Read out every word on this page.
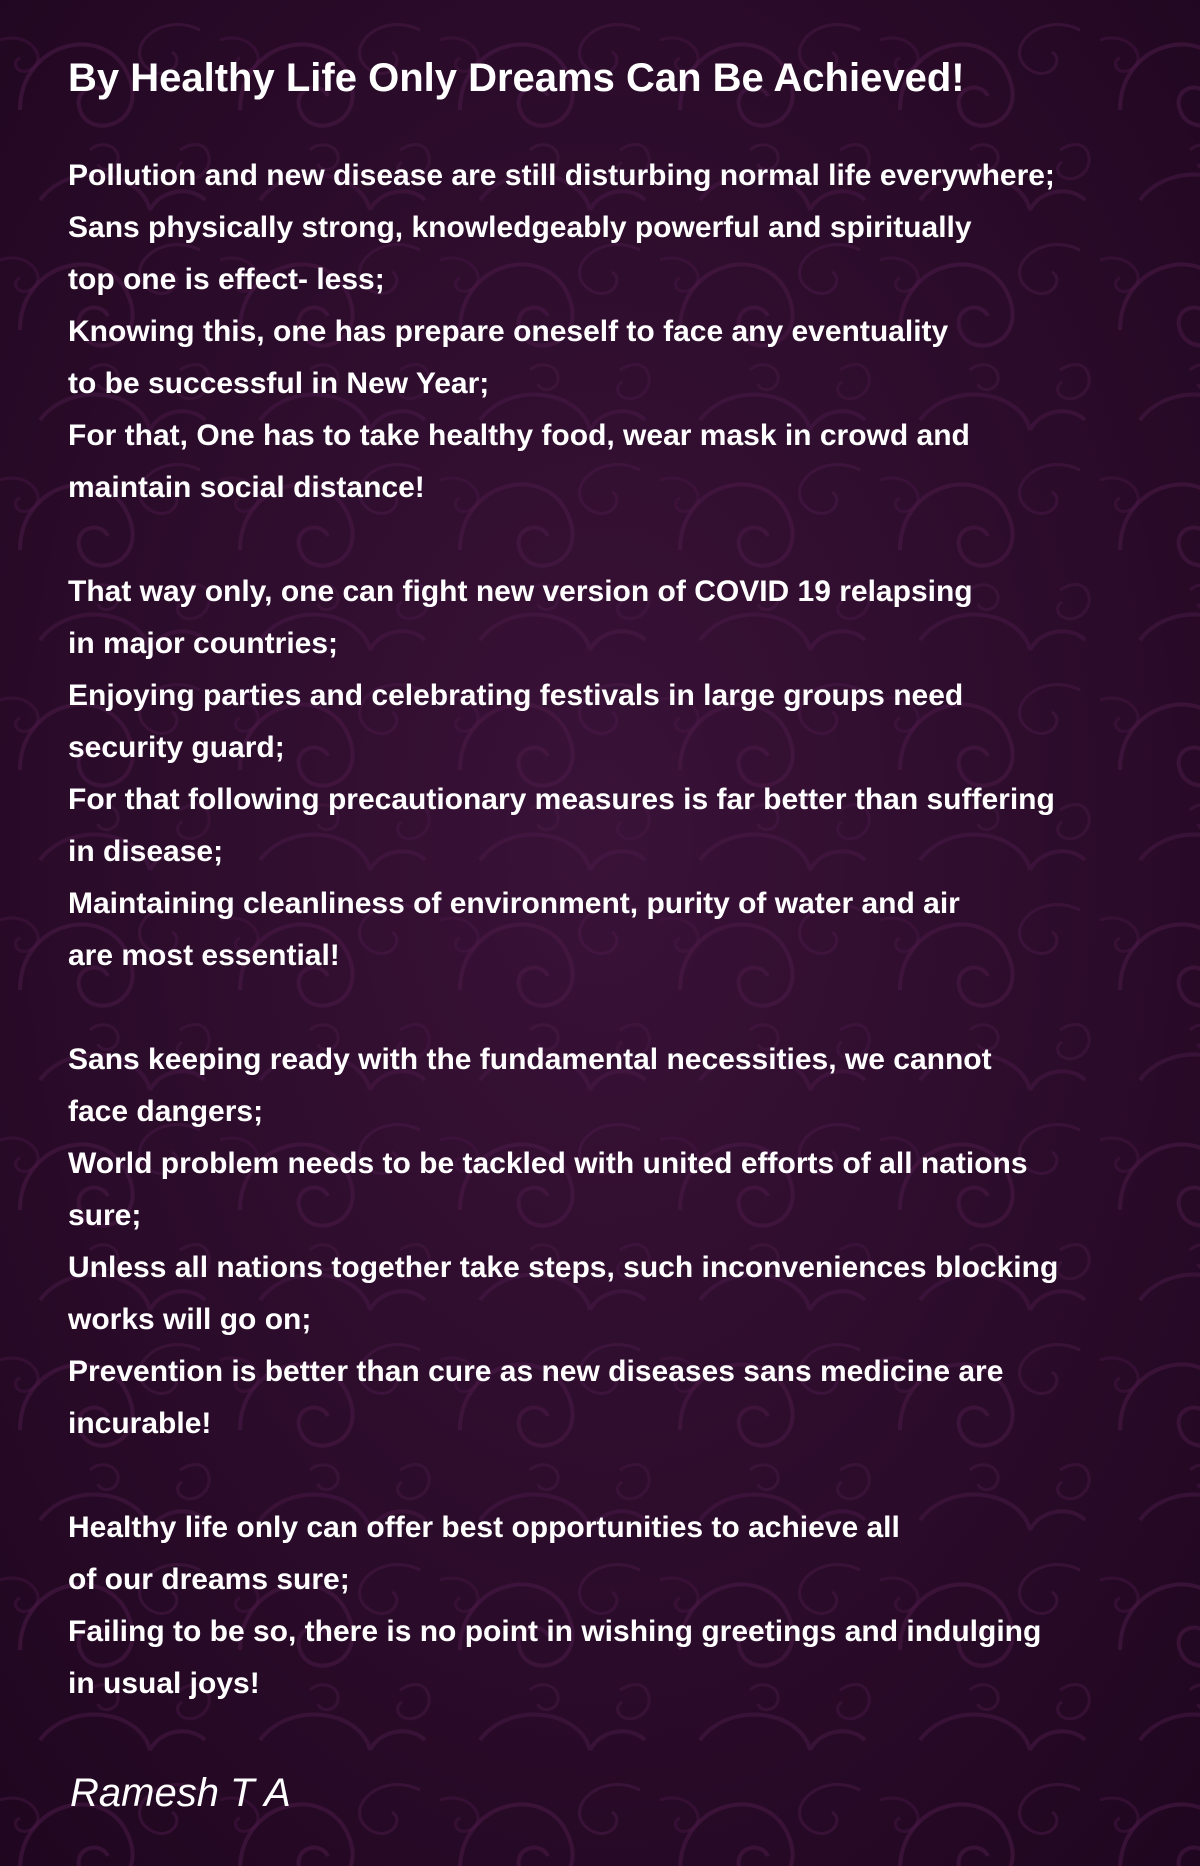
By Healthy Life Only Dreams Can Be Achieved!
Pollution and new disease are still disturbing normal life everywhere;
Sans physically strong, knowledgeably powerful and spiritually
top one is effect- less;
Knowing this, one has prepare oneself to face any eventuality
to be successful in New Year;
For that, One has to take healthy food, wear mask in crowd and
maintain social distance!
That way only, one can fight new version of COVID 19 relapsing
in major countries;
Enjoying parties and celebrating festivals in large groups need
security guard;
For that following precautionary measures is far better than suffering
in disease;
Maintaining cleanliness of environment, purity of water and air
are most essential!
Sans keeping ready with the fundamental necessities, we cannot
face dangers;
World problem needs to be tackled with united efforts of all nations
sure;
Unless all nations together take steps, such inconveniences blocking
works will go on;
Prevention is better than cure as new diseases sans medicine are
incurable!
Healthy life only can offer best opportunities to achieve all
of our dreams sure;
Failing to be so, there is no point in wishing greetings and indulging
in usual joys!
Ramesh T A
